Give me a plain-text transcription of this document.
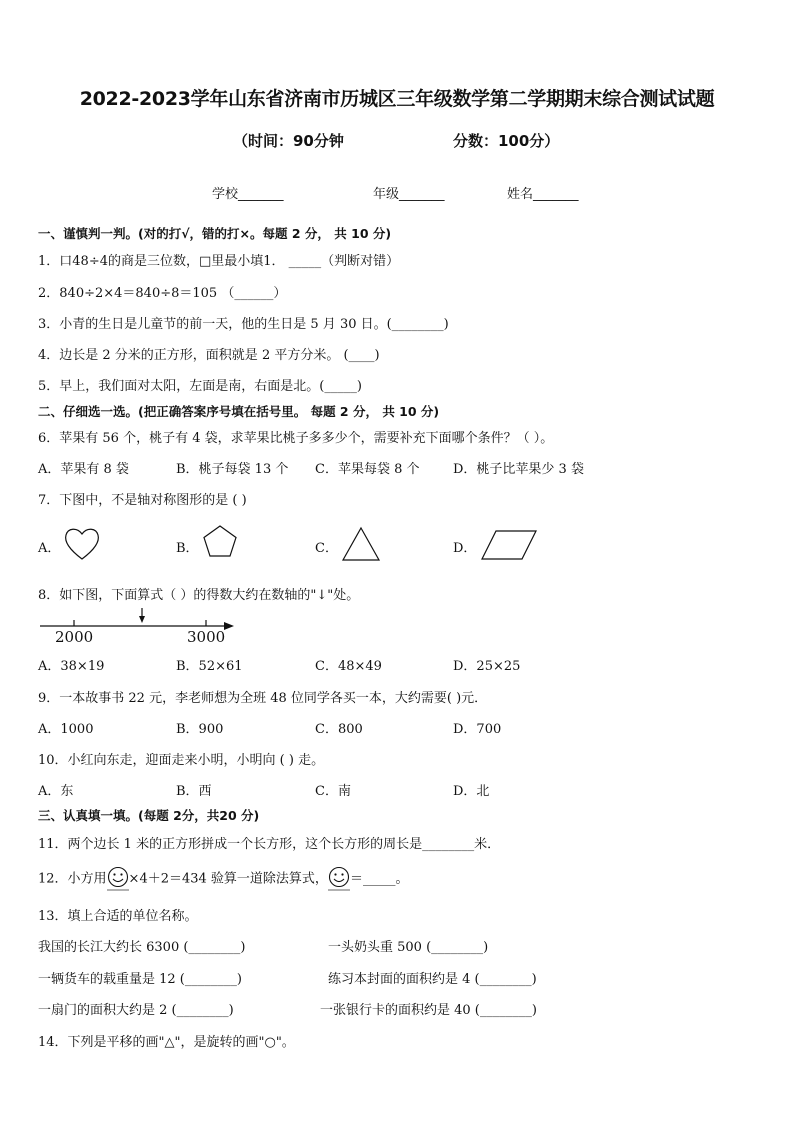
2022-2023学年山东省济南市历城区三年级数学第二学期期末综合测试试题
（时间：90分钟	分数：100分）
学校_______	年级_______	姓名_______
一、谨慎判一判。(对的打√，错的打×。每题 2 分， 共 10 分)
1．口48÷4的商是三位数，□里最小填1． _____（判断对错）
2．840÷2×4＝840÷8＝105 （______）
3．小青的生日是儿童节的前一天，他的生日是 5 月 30 日。(________)
4．边长是 2 分米的正方形，面积就是 2 平方分米。 (____)
5．早上，我们面对太阳，左面是南，右面是北。(_____)
二、仔细选一选。(把正确答案序号填在括号里。 每题 2 分， 共 10 分)
6．苹果有 56 个，桃子有 4 袋，求苹果比桃子多多少个，需要补充下面哪个条件？（ ）。
A．苹果有 8 袋	B．桃子每袋 13 个 C．苹果每袋 8 个	D．桃子比苹果少 3 袋
7．下图中，不是轴对称图形的是 ( )
A．	B．	C．	D．
8．如下图，下面算式（ ）的得数大约在数轴的"↓"处。
2000	3000
A．38×19	B．52×61	C．48×49	D．25×25
9．一本故事书 22 元，李老师想为全班 48 位同学各买一本，大约需要( )元．
A．1000	B．900	C．800	D．700
10．小红向东走，迎面走来小明，小明向 ( ) 走。
A．东	B．西	C．南	D．北
三、认真填一填。(每题 2分，共20 分)
11．两个边长 1 米的正方形拼成一个长方形，这个长方形的周长是________米．
12．小方用 ×4＋2＝434 验算一道除法算式， ＝_____。
13．填上合适的单位名称。
我国的长江大约长 6300 (________)	一头奶头重 500 (________)
一辆货车的载重量是 12 (________)	练习本封面的面积约是 4 (________)
一扇门的面积大约是 2 (________)	一张银行卡的面积约是 40 (________)
14．下列是平移的画"△"，是旋转的画"○"。
